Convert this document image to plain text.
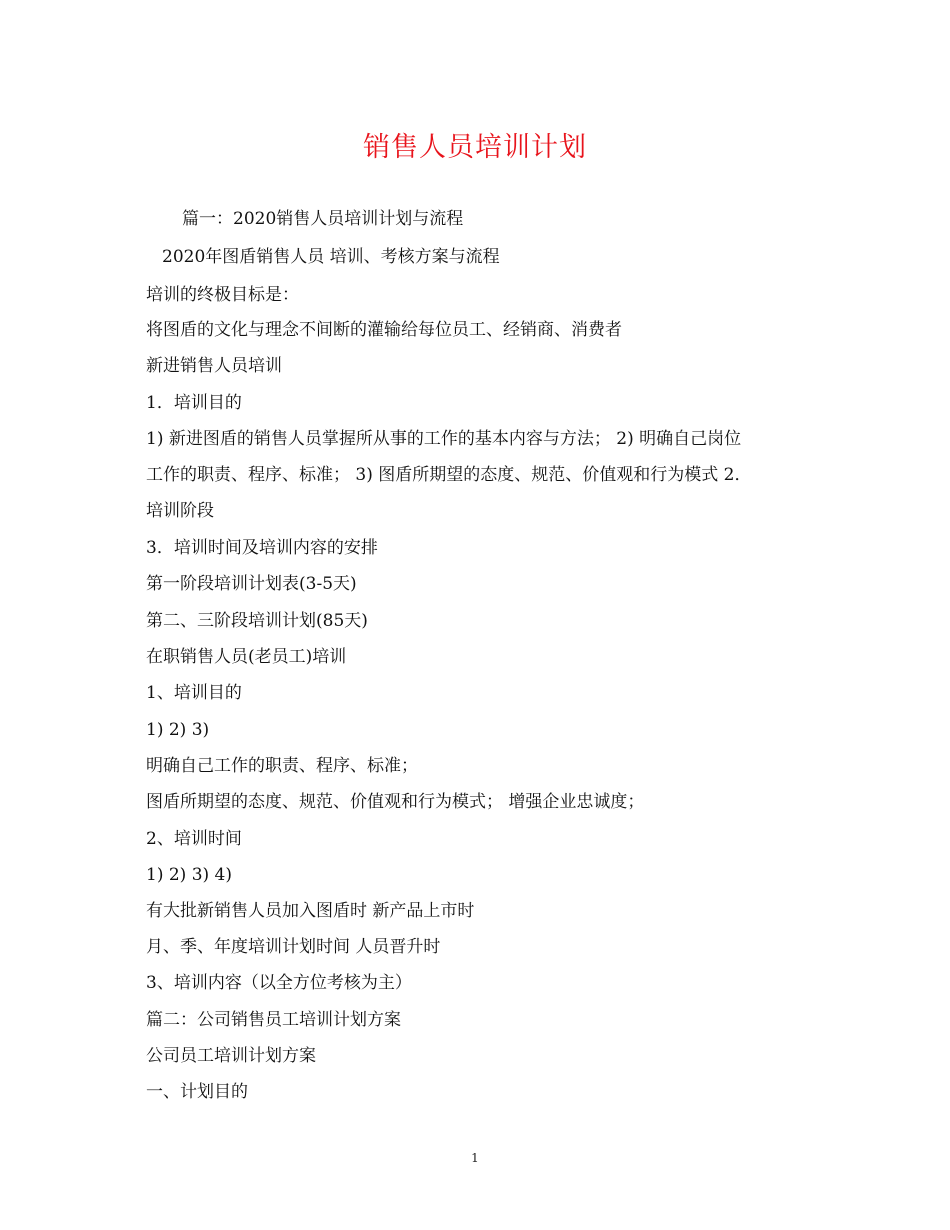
销售人员培训计划

篇一：2020销售人员培训计划与流程

2020年图盾销售人员 培训、考核方案与流程

培训的终极目标是：

将图盾的文化与理念不间断的灌输给每位员工、经销商、消费者

新进销售人员培训

1．培训目的

1) 新进图盾的销售人员掌握所从事的工作的基本内容与方法； 2) 明确自己岗位

工作的职责、程序、标准； 3) 图盾所期望的态度、规范、价值观和行为模式 2．

培训阶段

3．培训时间及培训内容的安排

第一阶段培训计划表(3-5天)

第二、三阶段培训计划(85天)

在职销售人员(老员工)培训

1、培训目的

1) 2) 3)

明确自己工作的职责、程序、标准；

图盾所期望的态度、规范、价值观和行为模式； 增强企业忠诚度；

2、培训时间

1) 2) 3) 4)

有大批新销售人员加入图盾时 新产品上市时

月、季、年度培训计划时间 人员晋升时

3、培训内容（以全方位考核为主）

篇二：公司销售员工培训计划方案

公司员工培训计划方案

一、计划目的

1
